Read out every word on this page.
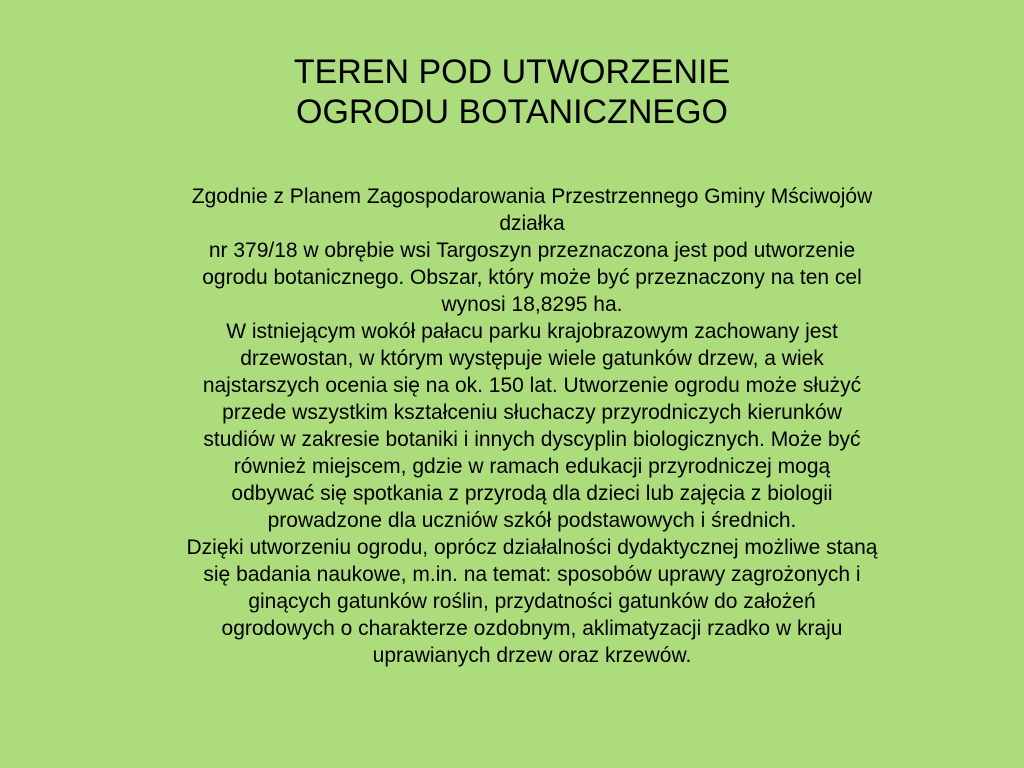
TEREN POD UTWORZENIE
OGRODU BOTANICZNEGO

Zgodnie z Planem Zagospodarowania Przestrzennego Gminy Mściwojów
działka

nr 379/18 w obrębie wsi Targoszyn przeznaczona jest pod utworzenie
ogrodu botanicznego. Obszar, który może być przeznaczony na ten cel
wynosi 18,8295 ha.

W istniejącym wokół pałacu parku krajobrazowym zachowany jest
drzewostan, w którym występuje wiele gatunków drzew, a wiek
najstarszych ocenia się na ok. 150 lat. Utworzenie ogrodu może służyć
przede wszystkim kształceniu słuchaczy przyrodniczych kierunków
studiów w zakresie botaniki i innych dyscyplin biologicznych. Może być
również miejscem, gdzie w ramach edukacji przyrodniczej mogą
odbywać się spotkania z przyrodą dla dzieci lub zajęcia z biologii
prowadzone dla uczniów szkół podstawowych i średnich.

Dzięki utworzeniu ogrodu, oprócz działalności dydaktycznej możliwe staną
się badania naukowe, m.in. na temat: sposobów uprawy zagrożonych i
ginących gatunków roślin, przydatności gatunków do założeń
ogrodowych o charakterze ozdobnym, aklimatyzacji rzadko w kraju
uprawianych drzew oraz krzewów.
